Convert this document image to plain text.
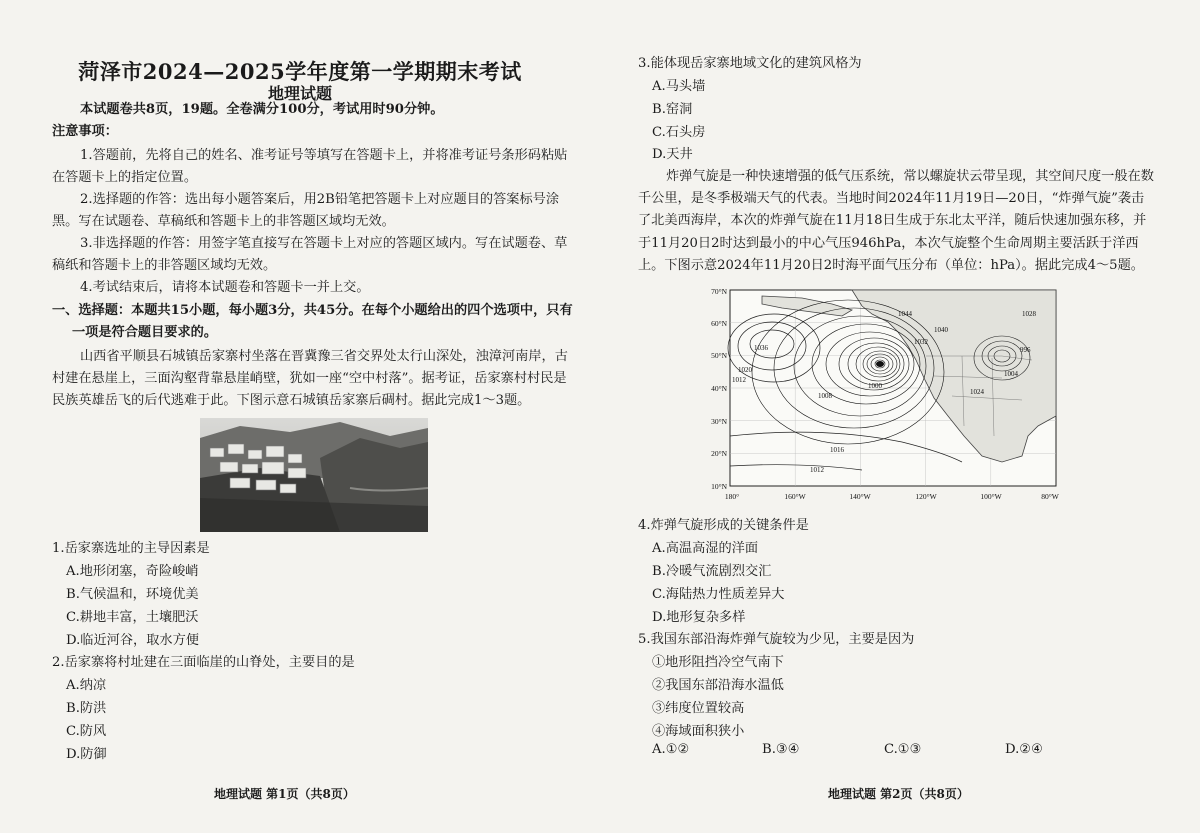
菏泽市2024—2025学年度第一学期期末考试
地理试题
本试题卷共8页，19题。全卷满分100分，考试用时90分钟。
注意事项：
1.答题前，先将自己的姓名、准考证号等填写在答题卡上，并将准考证号条形码粘贴
在答题卡上的指定位置。
2.选择题的作答：选出每小题答案后，用2B铅笔把答题卡上对应题目的答案标号涂
黑。写在试题卷、草稿纸和答题卡上的非答题区域均无效。
3.非选择题的作答：用签字笔直接写在答题卡上对应的答题区域内。写在试题卷、草
稿纸和答题卡上的非答题区域均无效。
4.考试结束后，请将本试题卷和答题卡一并上交。
一、选择题：本题共15小题，每小题3分，共45分。在每个小题给出的四个选项中，只有
一项是符合题目要求的。
山西省平顺县石城镇岳家寨村坐落在晋冀豫三省交界处太行山深处，浊漳河南岸，古
村建在悬崖上，三面沟壑背靠悬崖峭壁，犹如一座“空中村落”。据考证，岳家寨村村民是
民族英雄岳飞的后代逃难于此。下图示意石城镇岳家寨后碉村。据此完成1～3题。
1.岳家寨选址的主导因素是
A.地形闭塞，奇险峻峭
B.气候温和，环境优美
C.耕地丰富，土壤肥沃
D.临近河谷，取水方便
2.岳家寨将村址建在三面临崖的山脊处，主要目的是
A.纳凉
B.防洪
C.防风
D.防御
地理试题 第1页（共8页）
3.能体现岳家寨地域文化的建筑风格为
A.马头墙
B.窑洞
C.石头房
D.天井
炸弹气旋是一种快速增强的低气压系统，常以螺旋状云带呈现，其空间尺度一般在数
千公里，是冬季极端天气的代表。当地时间2024年11月19日—20日，“炸弹气旋”袭击
了北美西海岸，本次的炸弹气旋在11月18日生成于东北太平洋，随后快速加强东移，并
于11月20日2时达到最小的中心气压946hPa，本次气旋整个生命周期主要活跃于洋西
上。下图示意2024年11月20日2时海平面气压分布（单位：hPa）。据此完成4～5题。
4.炸弹气旋形成的关键条件是
A.高温高湿的洋面
B.冷暖气流剧烈交汇
C.海陆热力性质差异大
D.地形复杂多样
5.我国东部沿海炸弹气旋较为少见，主要是因为
①地形阻挡冷空气南下
②我国东部沿海水温低
③纬度位置较高
④海域面积狭小
A.①②	B.③④	C.①③	D.②④
地理试题 第2页（共8页）
1036
1020
1012
1008
1044
1040
1032
1000
1016
1012
1028
996
1004
1024
70°N
60°N
50°N
40°N
30°N
20°N
10°N
180°	160°W	140°W	120°W	100°W	80°W
